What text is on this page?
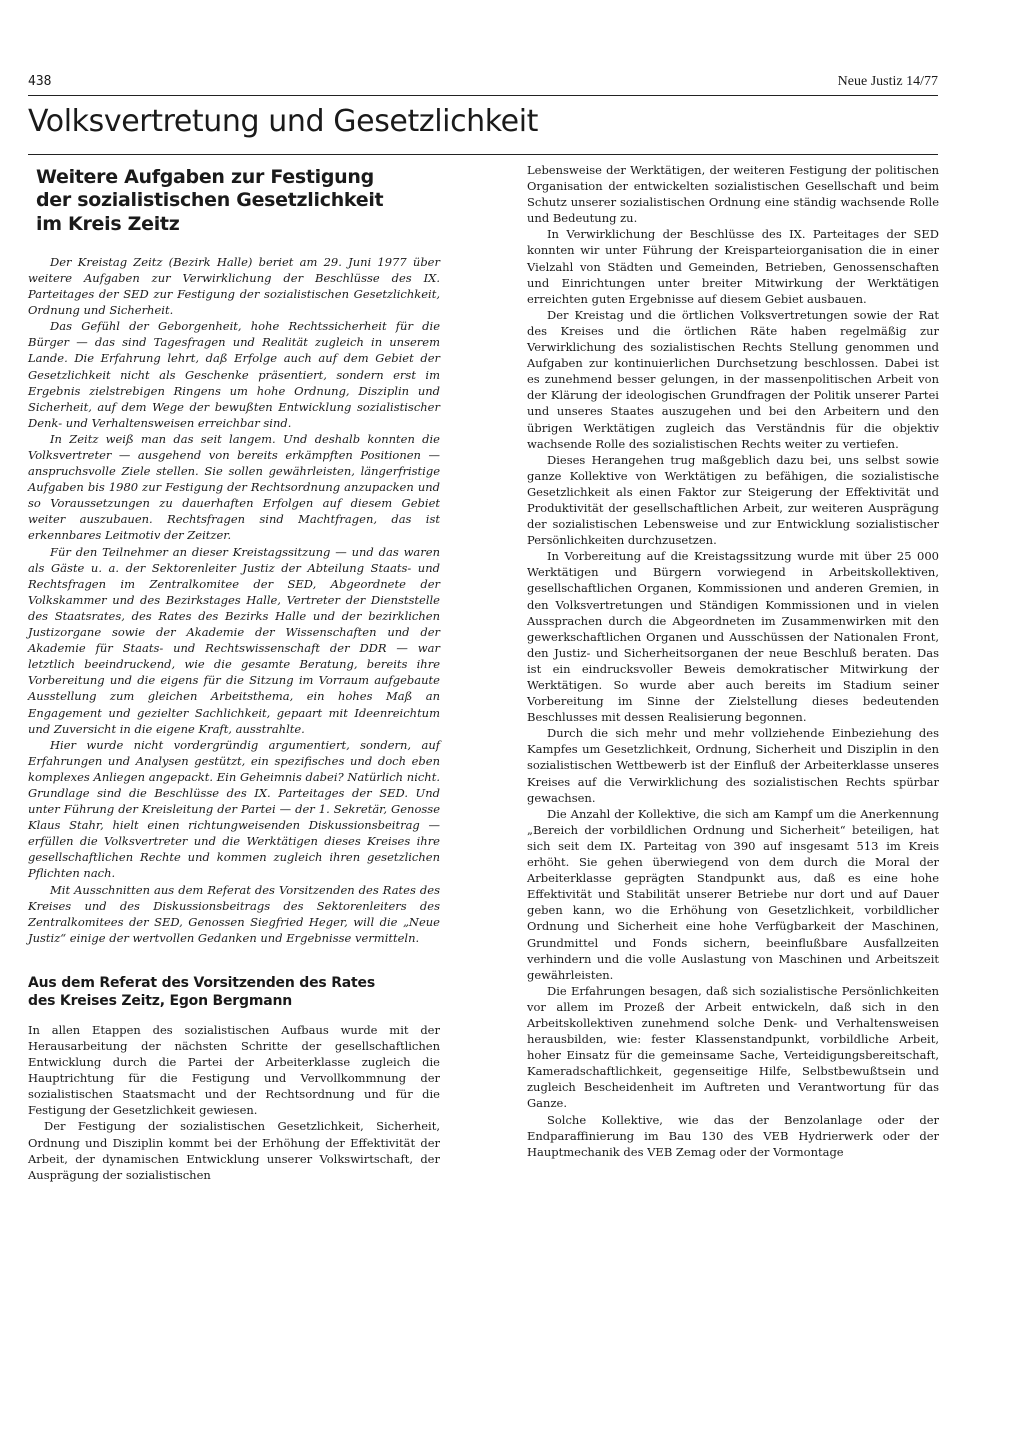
438	Neue Justiz 14/77
Volksvertretung und Gesetzlichkeit
Weitere Aufgaben zur Festigung
der sozialistischen Gesetzlichkeit
im Kreis Zeitz

Der Kreistag Zeitz (Bezirk Halle) beriet am 29. Juni 1977 über weitere Aufgaben zur Verwirklichung der Beschlüsse des IX. Parteitages der SED zur Festigung der sozialistischen Gesetzlichkeit, Ordnung und Sicherheit.

Das Gefühl der Geborgenheit, hohe Rechtssicherheit für die Bürger — das sind Tagesfragen und Realität zugleich in unserem Lande. Die Erfahrung lehrt, daß Erfolge auch auf dem Gebiet der Gesetzlichkeit nicht als Geschenke präsentiert, sondern erst im Ergebnis zielstrebigen Ringens um hohe Ordnung, Disziplin und Sicherheit, auf dem Wege der bewußten Entwicklung sozialistischer Denk- und Verhaltensweisen erreichbar sind.

In Zeitz weiß man das seit langem. Und deshalb konnten die Volksvertreter — ausgehend von bereits erkämpften Positionen — anspruchsvolle Ziele stellen. Sie sollen gewährleisten, längerfristige Aufgaben bis 1980 zur Festigung der Rechtsordnung anzupacken und so Voraussetzungen zu dauerhaften Erfolgen auf diesem Gebiet weiter auszubauen. Rechtsfragen sind Machtfragen, das ist erkennbares Leitmotiv der Zeitzer.

Für den Teilnehmer an dieser Kreistagssitzung — und das waren als Gäste u. a. der Sektorenleiter Justiz der Abteilung Staats- und Rechtsfragen im Zentralkomitee der SED, Abgeordnete der Volkskammer und des Bezirkstages Halle, Vertreter der Dienststelle des Staatsrates, des Rates des Bezirks Halle und der bezirklichen Justizorgane sowie der Akademie der Wissenschaften und der Akademie für Staats- und Rechtswissenschaft der DDR — war letztlich beeindruckend, wie die gesamte Beratung, bereits ihre Vorbereitung und die eigens für die Sitzung im Vorraum aufgebaute Ausstellung zum gleichen Arbeitsthema, ein hohes Maß an Engagement und gezielter Sachlichkeit, gepaart mit Ideenreichtum und Zuversicht in die eigene Kraft, ausstrahlte.

Hier wurde nicht vordergründig argumentiert, sondern, auf Erfahrungen und Analysen gestützt, ein spezifisches und doch eben komplexes Anliegen angepackt. Ein Geheimnis dabei? Natürlich nicht. Grundlage sind die Beschlüsse des IX. Parteitages der SED. Und unter Führung der Kreisleitung der Partei — der 1. Sekretär, Genosse Klaus Stahr, hielt einen richtungweisenden Diskussionsbeitrag — erfüllen die Volksvertreter und die Werktätigen dieses Kreises ihre gesellschaftlichen Rechte und kommen zugleich ihren gesetzlichen Pflichten nach.

Mit Ausschnitten aus dem Referat des Vorsitzenden des Rates des Kreises und des Diskussionsbeitrags des Sektorenleiters des Zentralkomitees der SED, Genossen Siegfried Heger, will die „Neue Justiz“ einige der wertvollen Gedanken und Ergebnisse vermitteln.

Aus dem Referat des Vorsitzenden des Rates
des Kreises Zeitz, Egon Bergmann

In allen Etappen des sozialistischen Aufbaus wurde mit der Herausarbeitung der nächsten Schritte der gesellschaftlichen Entwicklung durch die Partei der Arbeiterklasse zugleich die Hauptrichtung für die Festigung und Vervollkommnung der sozialistischen Staatsmacht und der Rechtsordnung und für die Festigung der Gesetzlichkeit gewiesen.

Der Festigung der sozialistischen Gesetzlichkeit, Sicherheit, Ordnung und Disziplin kommt bei der Erhöhung der Effektivität der Arbeit, der dynamischen Entwicklung unserer Volkswirtschaft, der Ausprägung der sozialistischen

Lebensweise der Werktätigen, der weiteren Festigung der politischen Organisation der entwickelten sozialistischen Gesellschaft und beim Schutz unserer sozialistischen Ordnung eine ständig wachsende Rolle und Bedeutung zu.

In Verwirklichung der Beschlüsse des IX. Parteitages der SED konnten wir unter Führung der Kreisparteiorganisation die in einer Vielzahl von Städten und Gemeinden, Betrieben, Genossenschaften und Einrichtungen unter breiter Mitwirkung der Werktätigen erreichten guten Ergebnisse auf diesem Gebiet ausbauen.

Der Kreistag und die örtlichen Volksvertretungen sowie der Rat des Kreises und die örtlichen Räte haben regelmäßig zur Verwirklichung des sozialistischen Rechts Stellung genommen und Aufgaben zur kontinuierlichen Durchsetzung beschlossen. Dabei ist es zunehmend besser gelungen, in der massenpolitischen Arbeit von der Klärung der ideologischen Grundfragen der Politik unserer Partei und unseres Staates auszugehen und bei den Arbeitern und den übrigen Werktätigen zugleich das Verständnis für die objektiv wachsende Rolle des sozialistischen Rechts weiter zu vertiefen.

Dieses Herangehen trug maßgeblich dazu bei, uns selbst sowie ganze Kollektive von Werktätigen zu befähigen, die sozialistische Gesetzlichkeit als einen Faktor zur Steigerung der Effektivität und Produktivität der gesellschaftlichen Arbeit, zur weiteren Ausprägung der sozialistischen Lebensweise und zur Entwicklung sozialistischer Persönlichkeiten durchzusetzen.

In Vorbereitung auf die Kreistagssitzung wurde mit über 25 000 Werktätigen und Bürgern vorwiegend in Arbeitskollektiven, gesellschaftlichen Organen, Kommissionen und anderen Gremien, in den Volksvertretungen und Ständigen Kommissionen und in vielen Aussprachen durch die Abgeordneten im Zusammenwirken mit den gewerkschaftlichen Organen und Ausschüssen der Nationalen Front, den Justiz- und Sicherheitsorganen der neue Beschluß beraten. Das ist ein eindrucksvoller Beweis demokratischer Mitwirkung der Werktätigen. So wurde aber auch bereits im Stadium seiner Vorbereitung im Sinne der Zielstellung dieses bedeutenden Beschlusses mit dessen Realisierung begonnen.

Durch die sich mehr und mehr vollziehende Einbeziehung des Kampfes um Gesetzlichkeit, Ordnung, Sicherheit und Disziplin in den sozialistischen Wettbewerb ist der Einfluß der Arbeiterklasse unseres Kreises auf die Verwirklichung des sozialistischen Rechts spürbar gewachsen.

Die Anzahl der Kollektive, die sich am Kampf um die Anerkennung „Bereich der vorbildlichen Ordnung und Sicherheit“ beteiligen, hat sich seit dem IX. Parteitag von 390 auf insgesamt 513 im Kreis erhöht. Sie gehen überwiegend von dem durch die Moral der Arbeiterklasse geprägten Standpunkt aus, daß es eine hohe Effektivität und Stabilität unserer Betriebe nur dort und auf Dauer geben kann, wo die Erhöhung von Gesetzlichkeit, vorbildlicher Ordnung und Sicherheit eine hohe Verfügbarkeit der Maschinen, Grundmittel und Fonds sichern, beeinflußbare Ausfallzeiten verhindern und die volle Auslastung von Maschinen und Arbeitszeit gewährleisten.

Die Erfahrungen besagen, daß sich sozialistische Persönlichkeiten vor allem im Prozeß der Arbeit entwickeln, daß sich in den Arbeitskollektiven zunehmend solche Denk- und Verhaltensweisen herausbilden, wie: fester Klassenstandpunkt, vorbildliche Arbeit, hoher Einsatz für die gemeinsame Sache, Verteidigungsbereitschaft, Kameradschaftlichkeit, gegenseitige Hilfe, Selbstbewußtsein und zugleich Bescheidenheit im Auftreten und Verantwortung für das Ganze.

Solche Kollektive, wie das der Benzolanlage oder der Endparaffinierung im Bau 130 des VEB Hydrierwerk oder der Hauptmechanik des VEB Zemag oder der Vormontage
